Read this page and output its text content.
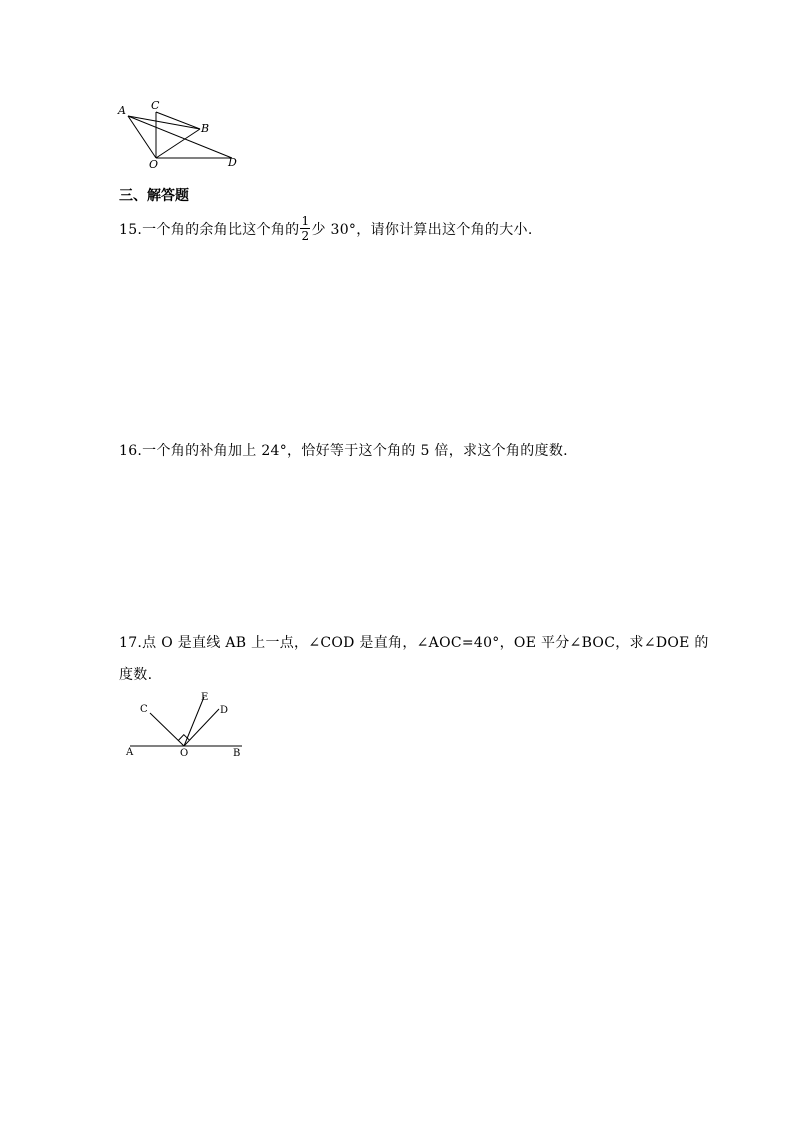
A C
B
O	D
三、解答题
15.一个角的余角比这个角的 $\frac{1}{2}$ 少 30°，请你计算出这个角的大小.
16.一个角的补角加上 24°，恰好等于这个角的 5 倍，求这个角的度数.
17.点 O 是直线 AB 上一点，∠COD 是直角，∠AOC=40°，OE 平分∠BOC，求∠DOE 的
度数.
C
E
D
A	O	B
